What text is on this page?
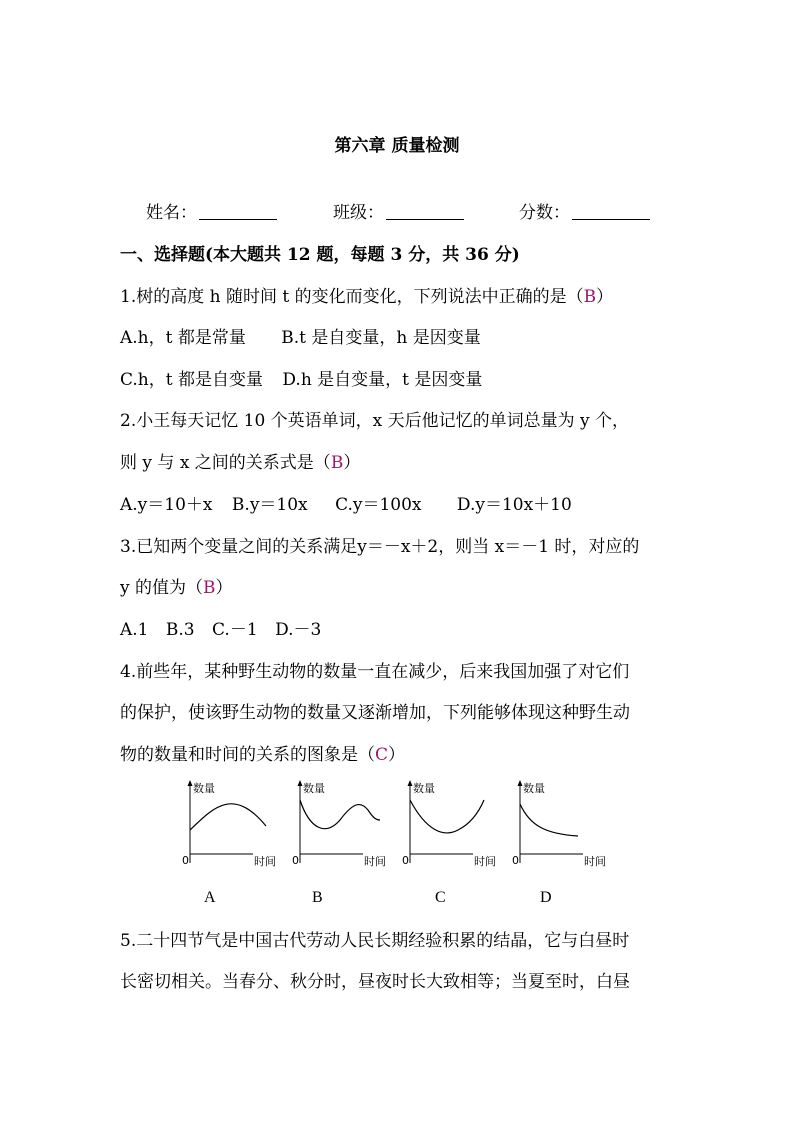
第六章 质量检测
姓名：	班级：	分数：
一、选择题(本大题共 12 题，每题 3 分，共 36 分)
1.树的高度 h 随时间 t 的变化而变化，下列说法中正确的是（B）
A.h，t 都是常量 B.t 是自变量，h 是因变量
C.h，t 都是自变量 D.h 是自变量，t 是因变量
2.小王每天记忆 10 个英语单词，x 天后他记忆的单词总量为 y 个，
则 y 与 x 之间的关系式是（B）
A.y＝10＋x B.y＝10x C.y＝100x D.y＝10x＋10
3.已知两个变量之间的关系满足y＝－x＋2，则当 x＝－1 时，对应的
y 的值为（B）
A.1 B.3 C.－1 D.－3
4.前些年，某种野生动物的数量一直在减少，后来我国加强了对它们
的保护，使该野生动物的数量又逐渐增加，下列能够体现这种野生动
物的数量和时间的关系的图象是（C）
数量
0	时间
数量
0	时间
数量
0	时间
数量
0	时间
A	B	C	D
5.二十四节气是中国古代劳动人民长期经验积累的结晶，它与白昼时
长密切相关。当春分、秋分时，昼夜时长大致相等；当夏至时，白昼
